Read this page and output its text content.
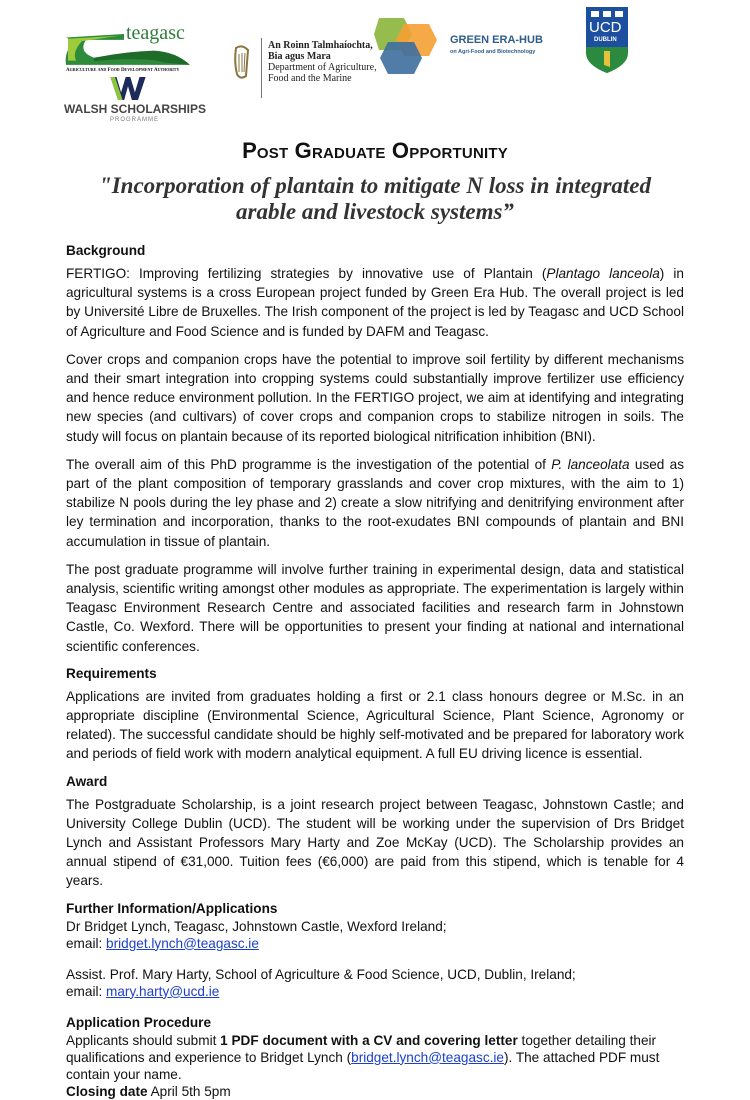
teagasc
Agriculture and Food Development Authority
WALSH SCHOLARSHIPS
PROGRAMME
An Roinn Talmhaíochta,
Bia agus Mara
Department of Agriculture,
Food and the Marine
GREEN ERA-HUB
on Agri-Food and Biotechnology
UCD
DUBLIN
Post Graduate Opportunity
"Incorporation of plantain to mitigate N loss in integrated
arable and livestock systems”
Background
FERTIGO: Improving fertilizing strategies by innovative use of Plantain (Plantago lanceola) in agricultural systems is a cross European project funded by Green Era Hub. The overall project is led by Université Libre de Bruxelles. The Irish component of the project is led by Teagasc and UCD School of Agriculture and Food Science and is funded by DAFM and Teagasc.
Cover crops and companion crops have the potential to improve soil fertility by different mechanisms and their smart integration into cropping systems could substantially improve fertilizer use efficiency and hence reduce environment pollution. In the FERTIGO project, we aim at identifying and integrating new species (and cultivars) of cover crops and companion crops to stabilize nitrogen in soils. The study will focus on plantain because of its reported biological nitrification inhibition (BNI).
The overall aim of this PhD programme is the investigation of the potential of P. lanceolata used as part of the plant composition of temporary grasslands and cover crop mixtures, with the aim to 1) stabilize N pools during the ley phase and 2) create a slow nitrifying and denitrifying environment after ley termination and incorporation, thanks to the root-exudates BNI compounds of plantain and BNI accumulation in tissue of plantain.
The post graduate programme will involve further training in experimental design, data and statistical analysis, scientific writing amongst other modules as appropriate. The experimentation is largely within Teagasc Environment Research Centre and associated facilities and research farm in Johnstown Castle, Co. Wexford. There will be opportunities to present your finding at national and international scientific conferences.
Requirements
Applications are invited from graduates holding a first or 2.1 class honours degree or M.Sc. in an appropriate discipline (Environmental Science, Agricultural Science, Plant Science, Agronomy or related). The successful candidate should be highly self-motivated and be prepared for laboratory work and periods of field work with modern analytical equipment. A full EU driving licence is essential.
Award
The Postgraduate Scholarship, is a joint research project between Teagasc, Johnstown Castle; and University College Dublin (UCD). The student will be working under the supervision of Drs Bridget Lynch and Assistant Professors Mary Harty and Zoe McKay (UCD). The Scholarship provides an annual stipend of €31,000. Tuition fees (€6,000) are paid from this stipend, which is tenable for 4 years.
Further Information/Applications
Dr Bridget Lynch, Teagasc, Johnstown Castle, Wexford Ireland;
email: bridget.lynch@teagasc.ie
Assist. Prof. Mary Harty, School of Agriculture & Food Science, UCD, Dublin, Ireland;
email: mary.harty@ucd.ie
Application Procedure
Applicants should submit 1 PDF document with a CV and covering letter together detailing their qualifications and experience to Bridget Lynch (bridget.lynch@teagasc.ie). The attached PDF must contain your name.
Closing date April 5th 5pm
